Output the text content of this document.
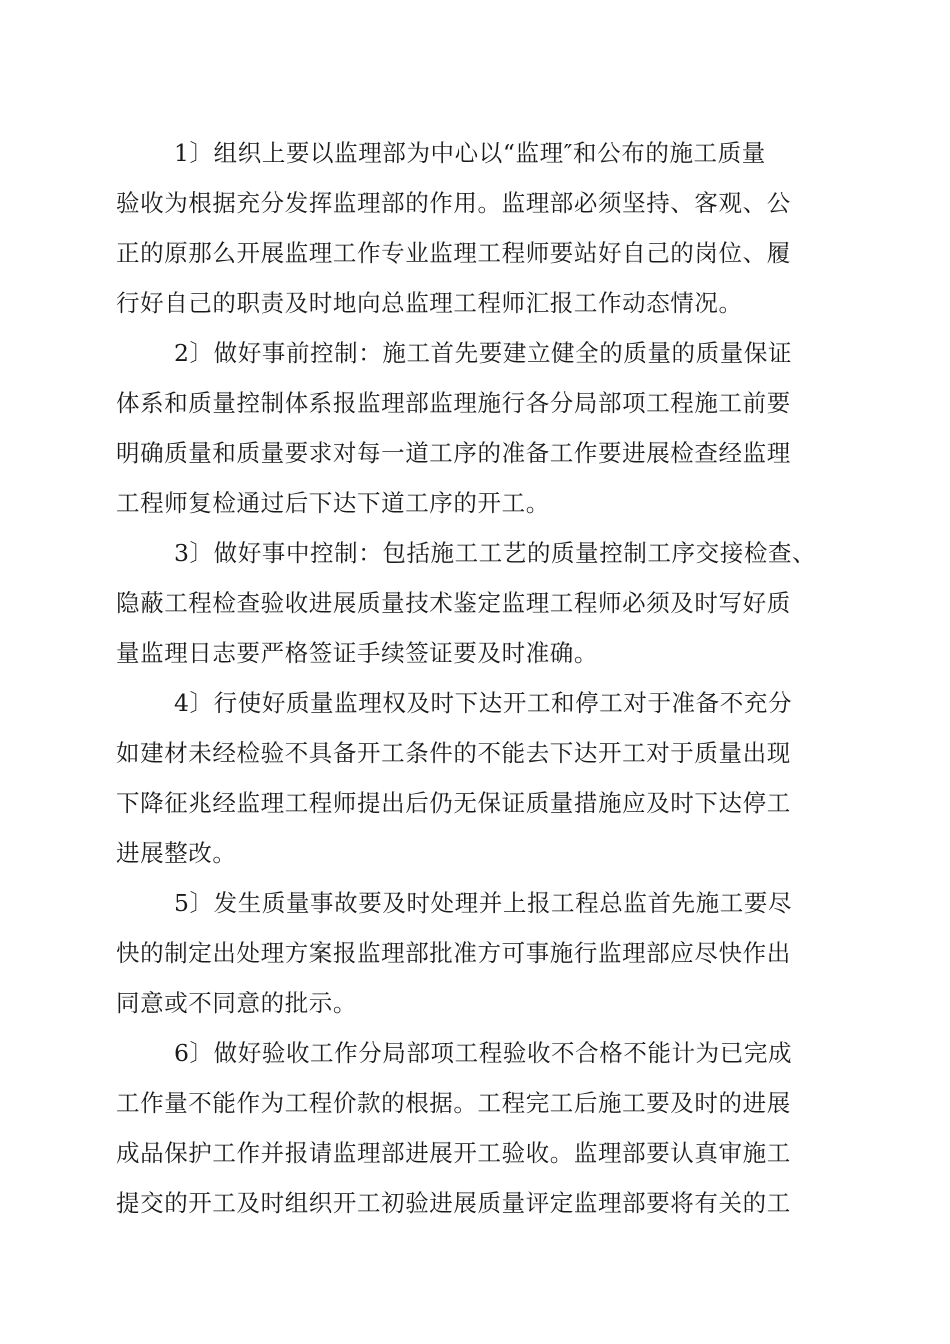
1〕组织上要以监理部为中心以“监理″和公布的施工质量
验收为根据充分发挥监理部的作用。监理部必须坚持、客观、公
正的原那么开展监理工作专业监理工程师要站好自己的岗位、履
行好自己的职责及时地向总监理工程师汇报工作动态情况。

2〕做好事前控制：施工首先要建立健全的质量的质量保证
体系和质量控制体系报监理部监理施行各分局部项工程施工前要
明确质量和质量要求对每一道工序的准备工作要进展检查经监理
工程师复检通过后下达下道工序的开工。

3〕做好事中控制：包括施工工艺的质量控制工序交接检查、
隐蔽工程检查验收进展质量技术鉴定监理工程师必须及时写好质
量监理日志要严格签证手续签证要及时准确。

4〕行使好质量监理权及时下达开工和停工对于准备不充分
如建材未经检验不具备开工条件的不能去下达开工对于质量出现
下降征兆经监理工程师提出后仍无保证质量措施应及时下达停工
进展整改。

5〕发生质量事故要及时处理并上报工程总监首先施工要尽
快的制定出处理方案报监理部批准方可事施行监理部应尽快作出
同意或不同意的批示。

6〕做好验收工作分局部项工程验收不合格不能计为已完成
工作量不能作为工程价款的根据。工程完工后施工要及时的进展
成品保护工作并报请监理部进展开工验收。监理部要认真审施工
提交的开工及时组织开工初验进展质量评定监理部要将有关的工
